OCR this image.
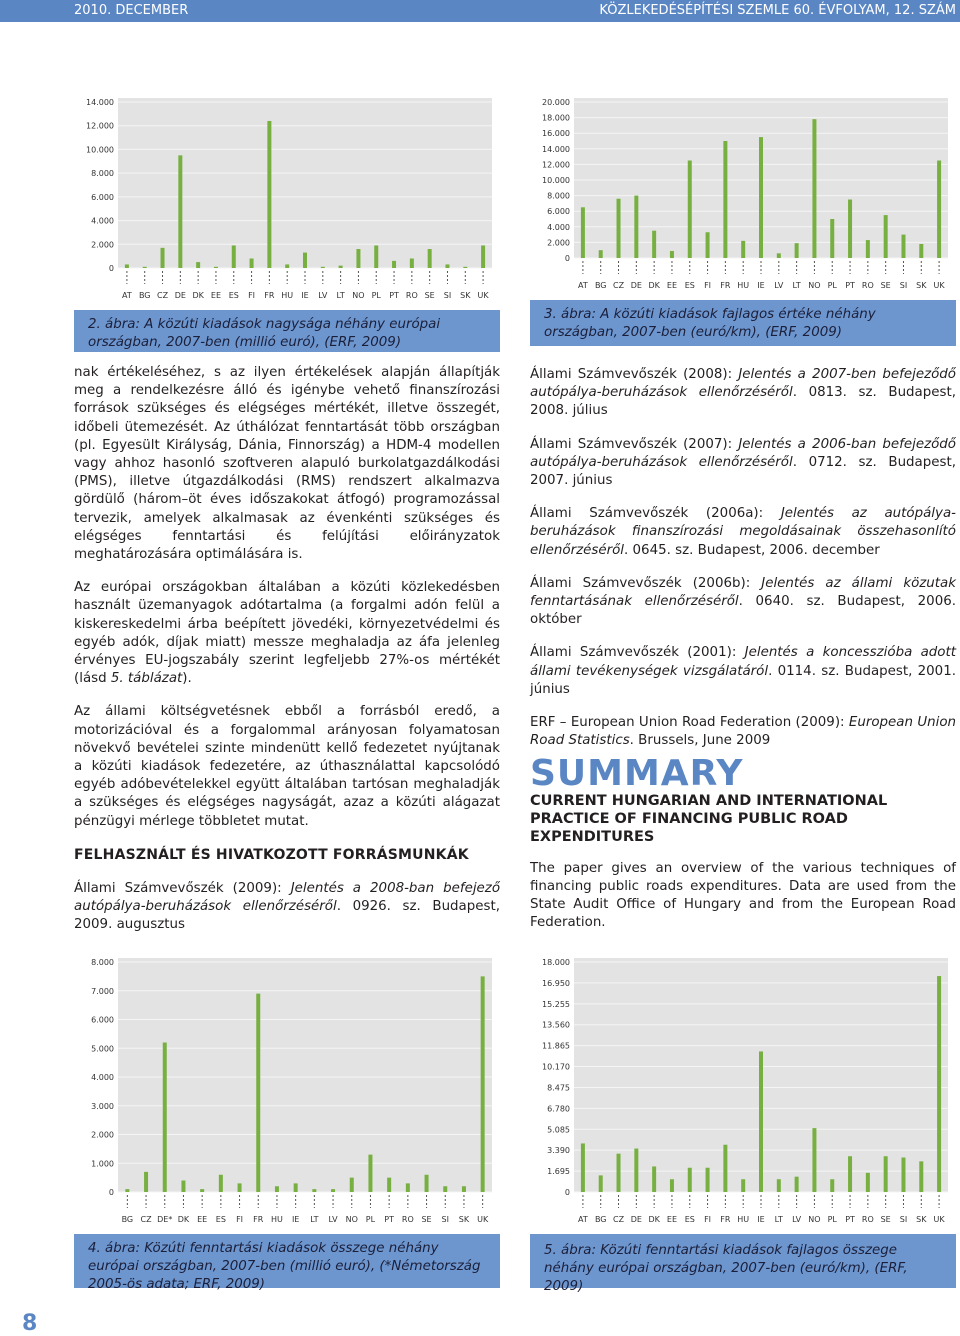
2010. DECEMBER	KÖZLEKEDÉSÉPÍTÉSI SZEMLE 60. ÉVFOLYAM, 12. SZÁM
0
2.000
4.000
6.000
8.000
10.000
12.000
14.000
AT BG CZ DE DK EE ES FI FR HU IE LV LT NO PL PT RO SE SI SK UK
2. ábra: A közúti kiadások nagysága néhány európai országban, 2007-ben (millió euró), (ERF, 2009)
0
2.000
4.000
6.000
8.000
10.000
12.000
14.000
16.000
18.000
20.000
AT BG CZ DE DK EE ES FI FR HU IE LV LT NO PL PT RO SE SI SK UK
3. ábra: A közúti kiadások fajlagos értéke néhány országban, 2007-ben (euró/km), (ERF, 2009)

nak értékeléséhez, s az ilyen értékelések alapján állapítják meg a rendelkezésre álló és igénybe vehető finanszírozási források szükséges és elégséges mértékét, illetve összegét, időbeli ütemezését. Az úthálózat fenntartását több országban (pl. Egyesült Királyság, Dánia, Finnország) a HDM-4 modellen vagy ahhoz hasonló szoftveren alapuló burkolatgazdálkodási (PMS), illetve útgazdálkodási (RMS) rendszert alkalmazva gördülő (három–öt éves időszakokat átfogó) programozással tervezik, amelyek alkalmasak az évenkénti szükséges és elégséges fenntartási és felújítási előirányzatok meghatározására optimálására is.

Az európai országokban általában a közúti közlekedésben használt üzemanyagok adótartalma (a forgalmi adón felül a kiskereskedelmi árba beépített jövedéki, környezetvédelmi és egyéb adók, díjak miatt) messze meghaladja az áfa jelenleg érvényes EU-jogszabály szerint legfeljebb 27%-os mértékét (lásd 5. táblázat).

Az állami költségvetésnek ebből a forrásból eredő, a motorizációval és a forgalommal arányosan folyamatosan növekvő bevételei szinte mindenütt kellő fedezetet nyújtanak a közúti kiadások fedezetére, az úthasználattal kapcsolódó egyéb adóbevételekkel együtt általában tartósan meghaladják a szükséges és elégséges nagyságát, azaz a közúti alágazat pénzügyi mérlege többletet mutat.

FELHASZNÁLT ÉS HIVATKOZOTT FORRÁSMUNKÁK

Állami Számvevőszék (2009): Jelentés a 2008-ban befejező autópálya-beruházások ellenőrzéséről. 0926. sz. Budapest, 2009. augusztus

Állami Számvevőszék (2008): Jelentés a 2007-ben befejeződő autópálya-beruházások ellenőrzéséről. 0813. sz. Budapest, 2008. július

Állami Számvevőszék (2007): Jelentés a 2006-ban befejeződő autópálya-beruházások ellenőrzéséről. 0712. sz. Budapest, 2007. június

Állami Számvevőszék (2006a): Jelentés az autópálya-beruházások finanszírozási megoldásainak összehasonlító ellenőrzéséről. 0645. sz. Budapest, 2006. december

Állami Számvevőszék (2006b): Jelentés az állami közutak fenntartásának ellenőrzéséről. 0640. sz. Budapest, 2006. október

Állami Számvevőszék (2001): Jelentés a koncesszióba adott állami tevékenységek vizsgálatáról. 0114. sz. Budapest, 2001. június

ERF – European Union Road Federation (2009): European Union Road Statistics. Brussels, June 2009

SUMMARY
CURRENT HUNGARIAN AND INTERNATIONAL PRACTICE OF FINANCING PUBLIC ROAD EXPENDITURES

The paper gives an overview of the various techniques of financing public roads expenditures. Data are used from the State Audit Office of Hungary and from the European Road Federation.

0
1.000
2.000
3.000
4.000
5.000
6.000
7.000
8.000
BG CZ DE* DK EE ES FI FR HU IE LT LV NO PL PT RO SE SI SK UK
4. ábra: Közúti fenntartási kiadások összege néhány európai országban, 2007-ben (millió euró), (*Németország 2005-ös adata; ERF, 2009)
0
1.695
3.390
5.085
6.780
8.475
10.170
11.865
13.560
15.255
16.950
18.000
AT BG CZ DE DK EE ES FI FR HU IE LT LV NO PL PT RO SE SI SK UK
5. ábra: Közúti fenntartási kiadások fajlagos összege néhány európai országban, 2007-ben (euró/km), (ERF, 2009)
8
